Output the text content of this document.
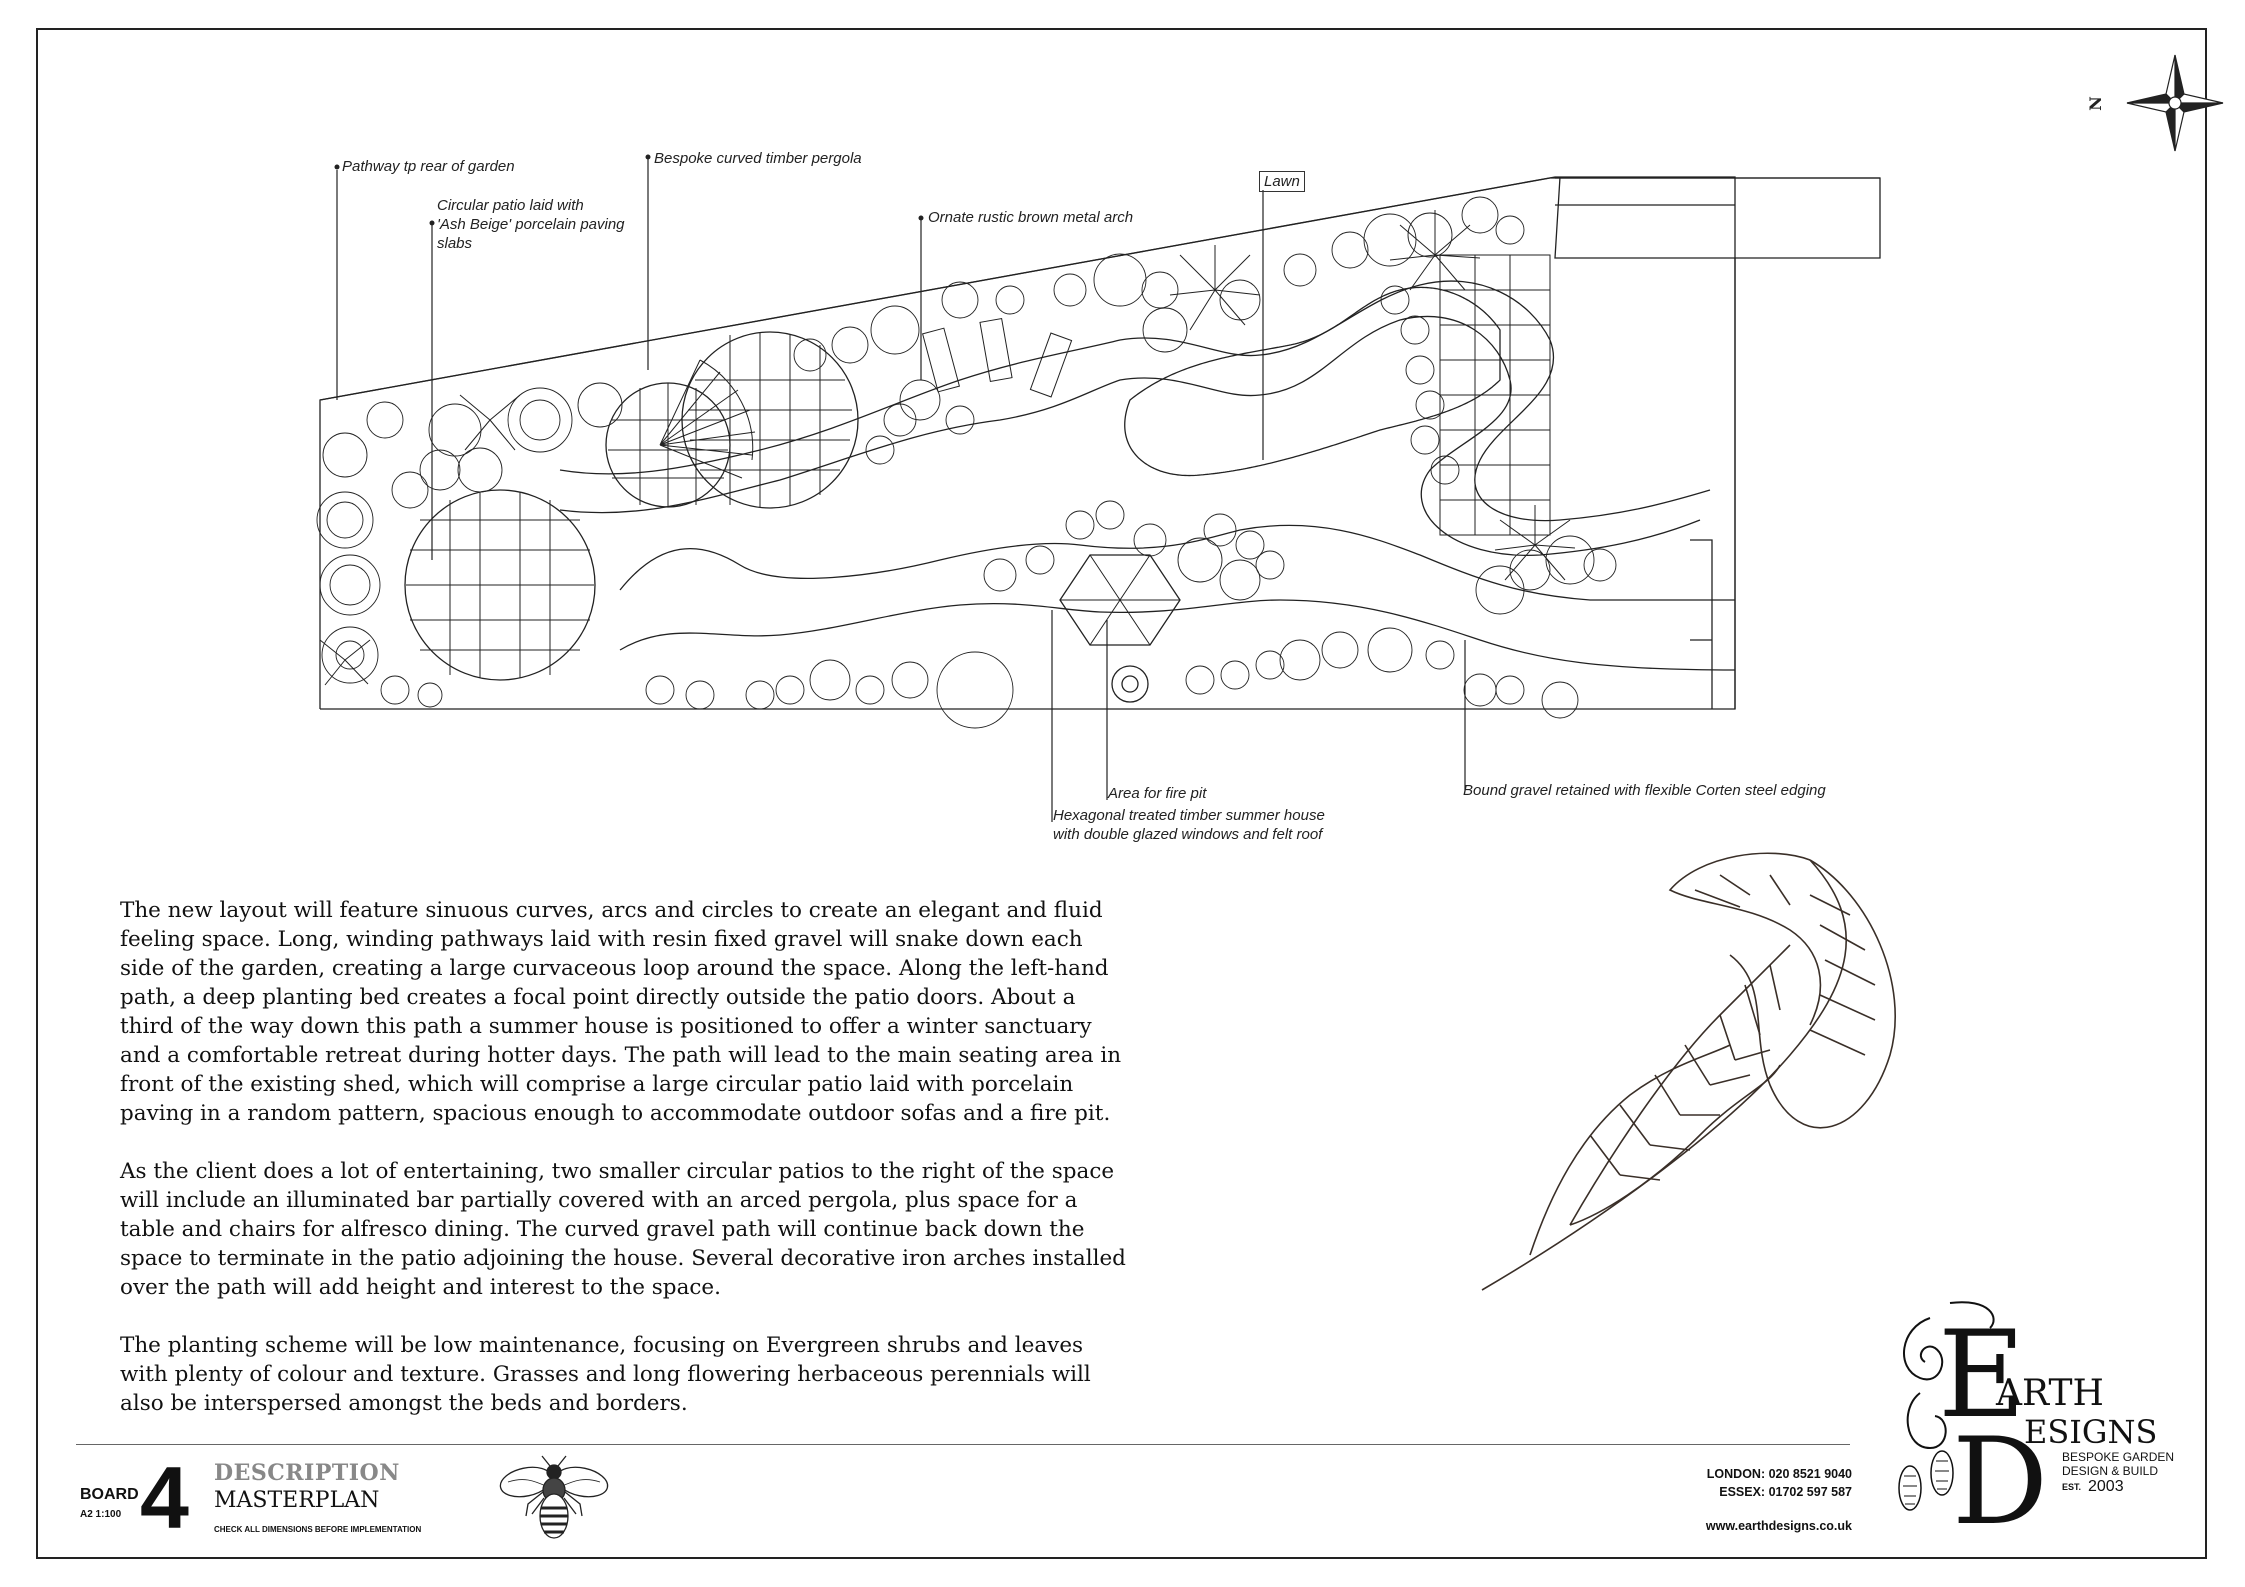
N
Pathway tp rear of garden
Circular patio laid with
'Ash Beige' porcelain paving
slabs
Bespoke curved timber pergola
Ornate rustic brown metal arch
Lawn
Area for fire pit
Hexagonal treated timber summer house
with double glazed windows and felt roof
Bound gravel retained with flexible Corten steel edging

The new layout will feature sinuous curves, arcs and circles to create an elegant and fluid
feeling space. Long, winding pathways laid with resin fixed gravel will snake down each
side of the garden, creating a large curvaceous loop around the space. Along the left-hand
path, a deep planting bed creates a focal point directly outside the patio doors. About a
third of the way down this path a summer house is positioned to offer a winter sanctuary
and a comfortable retreat during hotter days. The path will lead to the main seating area in
front of the existing shed, which will comprise a large circular patio laid with porcelain
paving in a random pattern, spacious enough to accommodate outdoor sofas and a fire pit.

As the client does a lot of entertaining, two smaller circular patios to the right of the space
will include an illuminated bar partially covered with an arced pergola, plus space for a
table and chairs for alfresco dining. The curved gravel path will continue back down the
space to terminate in the patio adjoining the house. Several decorative iron arches installed
over the path will add height and interest to the space.

The planting scheme will be low maintenance, focusing on Evergreen shrubs and leaves
with plenty of colour and texture. Grasses and long flowering herbaceous perennials will
also be interspersed amongst the beds and borders.

BOARD
A2 1:100 4 DESCRIPTION
MASTERPLAN
CHECK ALL DIMENSIONS BEFORE IMPLEMENTATION
LONDON: 020 8521 9040
ESSEX: 01702 597 587
www.earthdesigns.co.uk
E
D
ARTH
ESIGNS
BESPOKE GARDEN
DESIGN & BUILD
EST. 2003
